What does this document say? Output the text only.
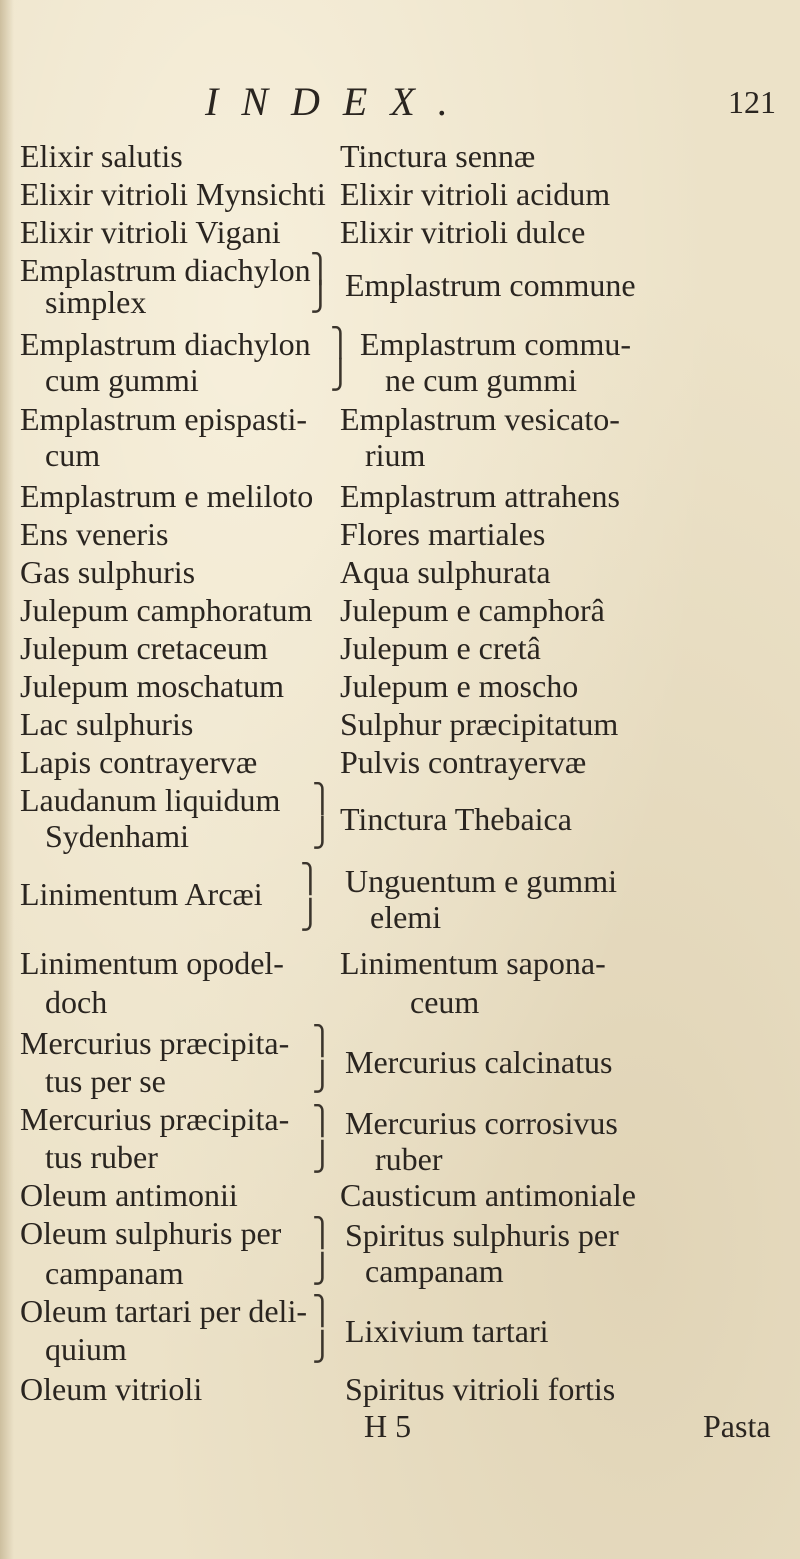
INDEX.	121
Elixir salutis
Elixir vitrioli Mynsichti
Elixir vitrioli Vigani
Emplastrum diachylon
simplex
Emplastrum diachylon
cum gummi
Emplastrum epispasti-
cum
Emplastrum e melilotо
Ens veneris
Gas sulphuris
Julepum camphoratum
Julepum cretaceum
Julepum moschatum
Lac sulphuris
Lapis contrayervæ
Laudanum liquidum
Sydenhami
Linimentum Arcæi
Linimentum opodel-
doch
Mercurius præcipita-
tus per se
Mercurius præcipita-
tus ruber
Oleum antimonii
Oleum sulphuris per
campanam
Oleum tartari per deli-
quium
Oleum vitrioli
⎫
⎭
⎫
⎭
⎫
⎭
⎫
⎭
⎫
⎭
⎫
⎭
⎫
⎭
⎫
⎭
Tinctura sennæ
Elixir vitrioli acidum
Elixir vitrioli dulce
Emplastrum commune
Emplastrum commu-
ne cum gummi
Emplastrum vesicato-
rium
Emplastrum attrahens
Flores martiales
Aqua sulphurata
Julepum e camphorâ
Julepum e cretâ
Julepum e moscho
Sulphur præcipitatum
Pulvis contrayervæ
Tinctura Thebaica
Unguentum e gummi
elemi
Linimentum sapona-
ceum
Mercurius calcinatus
Mercurius corrosivus
ruber
Causticum antimoniale
Spiritus sulphuris per
campanam
Lixivium tartari
Spiritus vitrioli fortis
H 5	Pasta
